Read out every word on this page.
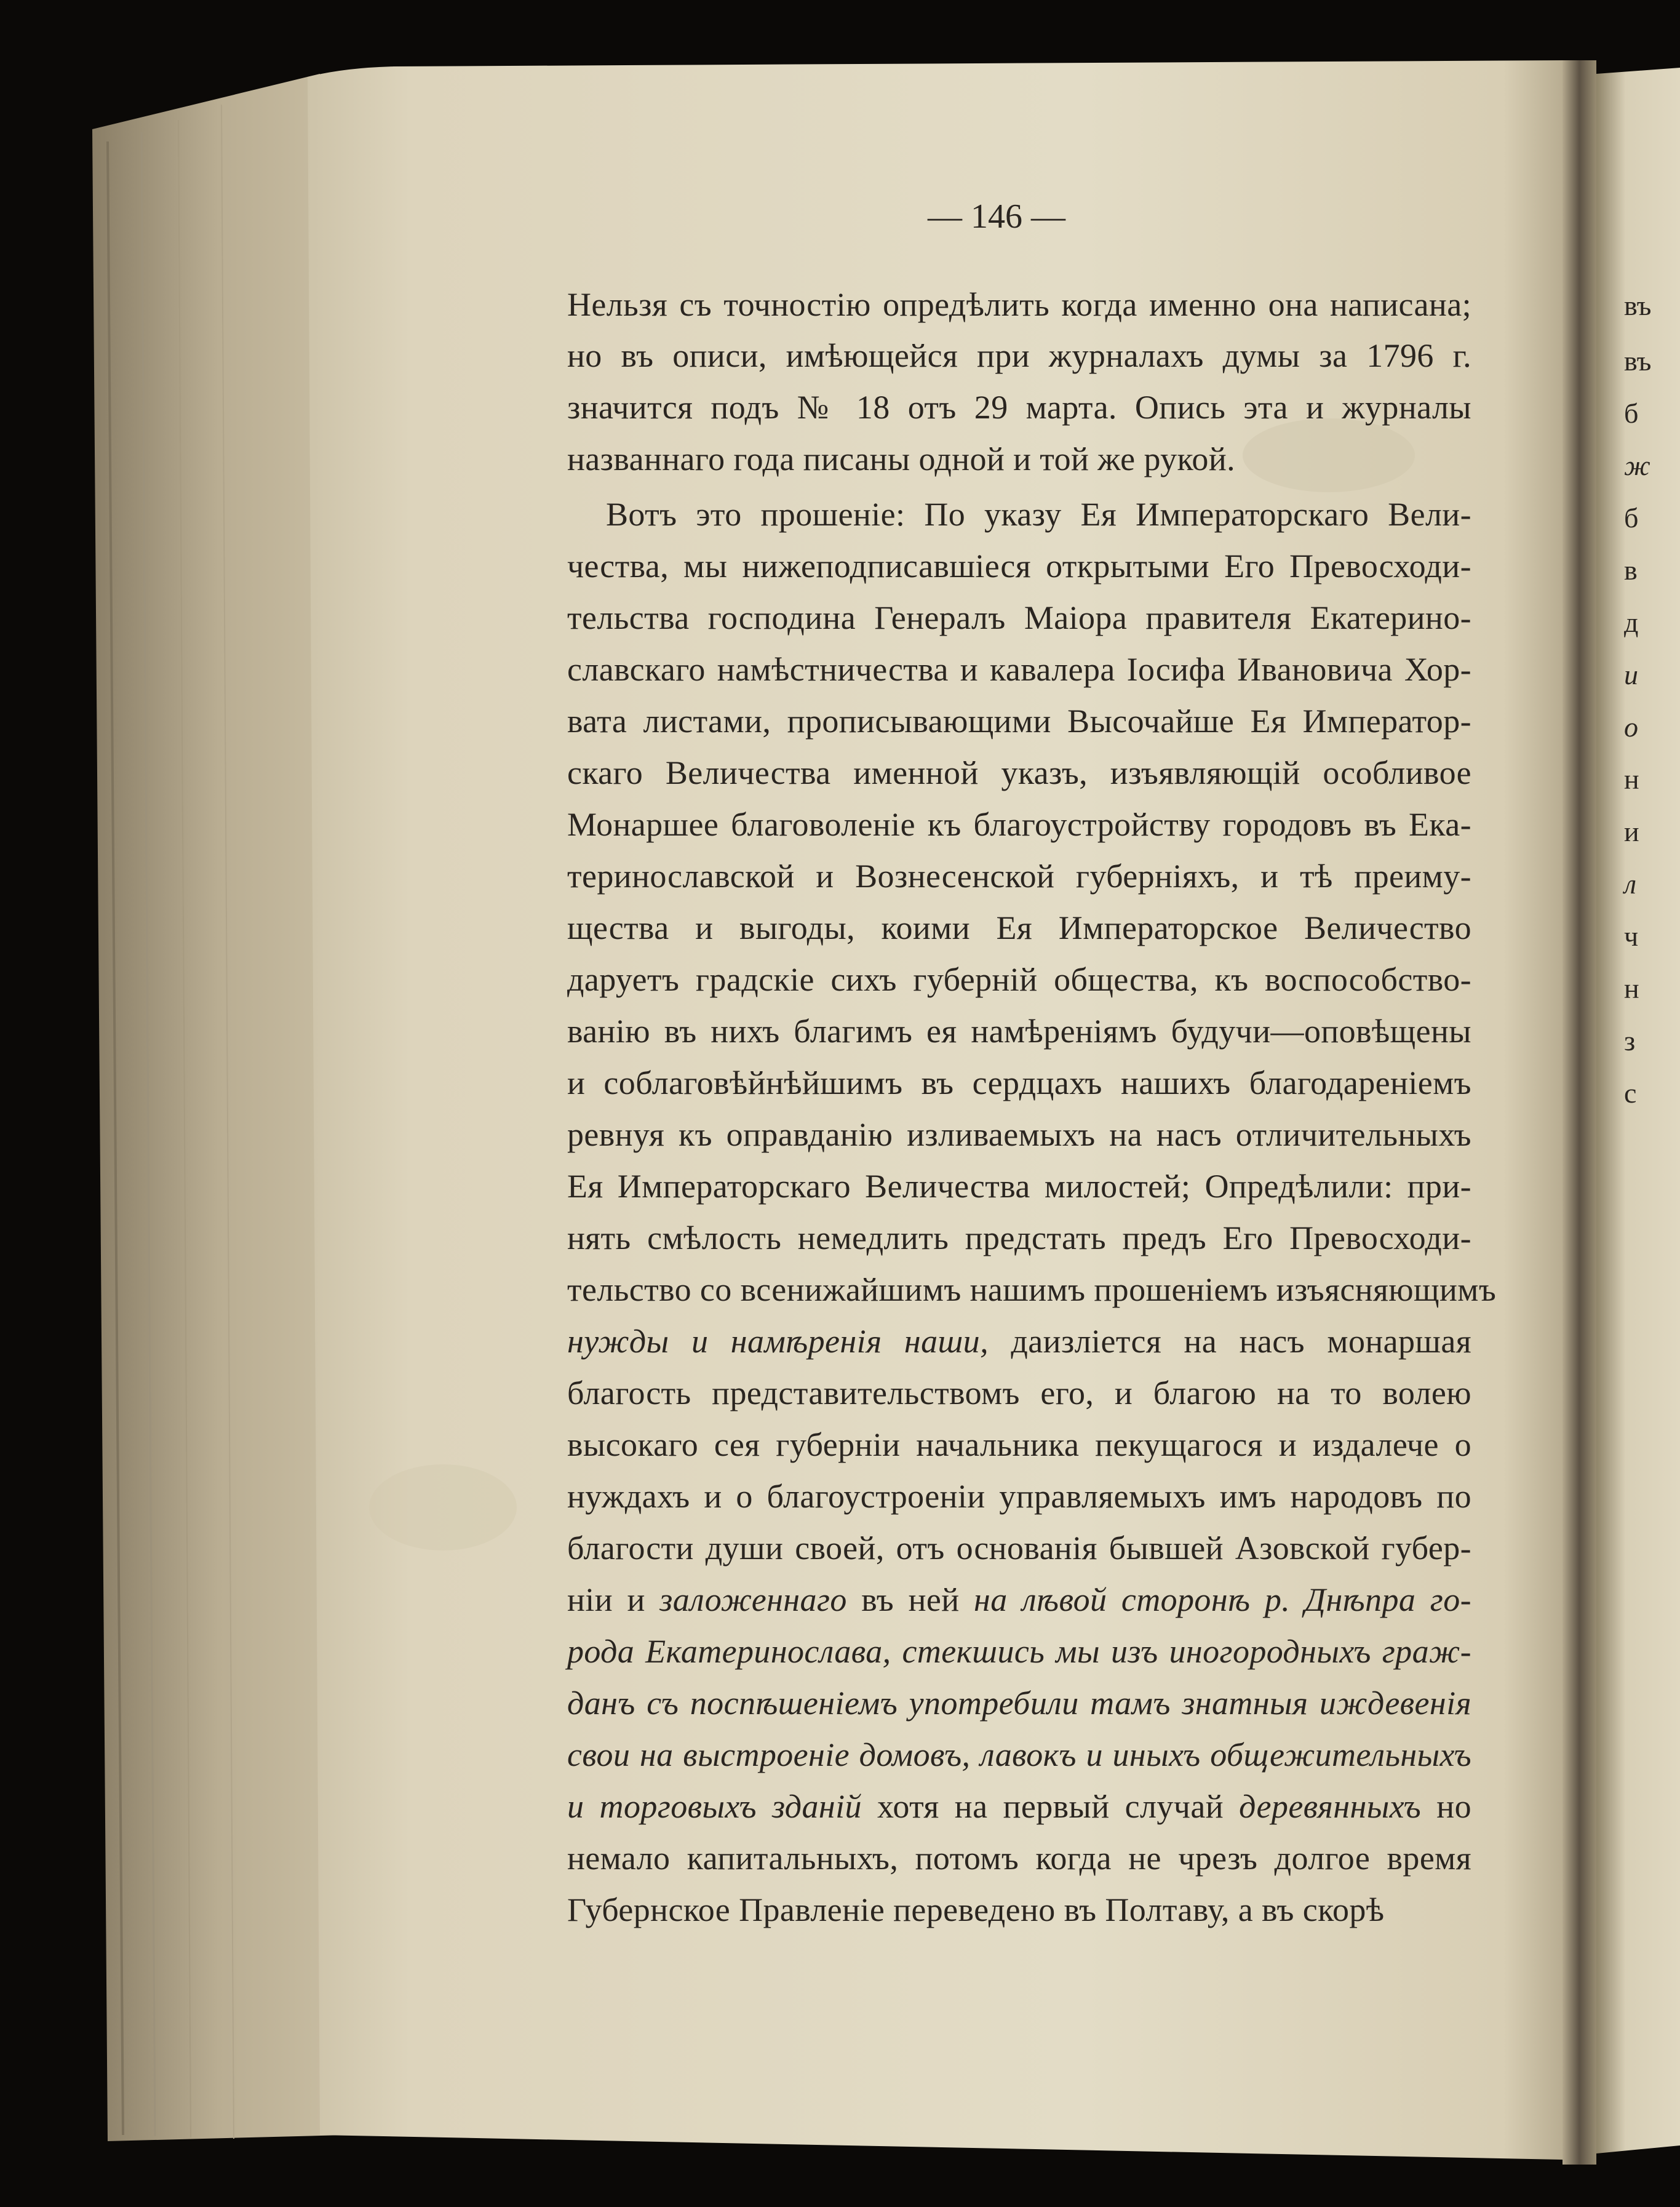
— 146 —
Нельзя съ точностію опредѣлить когда именно она написана;
но въ описи, имѣющейся при журналахъ думы за 1796 г.
значится подъ № 18 отъ 29 марта. Опись эта и журналы
названнаго года писаны одной и той же рукой.
Вотъ это прошеніе: По указу Ея Императорскаго Вели-
чества, мы нижеподписавшіеся открытыми Его Превосходи-
тельства господина Генералъ Маіора правителя Екатерино-
славскаго намѣстничества и кавалера Іосифа Ивановича Хор-
вата листами, прописывающими Высочайше Ея Император-
скаго Величества именной указъ, изъявляющій особливое
Монаршее благоволеніе къ благоустройству городовъ въ Ека-
теринославской и Вознесенской губерніяхъ, и тѣ преиму-
щества и выгоды, коими Ея Императорское Величество
даруетъ градскіе сихъ губерній общества, къ воспособство-
ванію въ нихъ благимъ ея намѣреніямъ будучи—оповѣщены
и соблаговѣйнѣйшимъ въ сердцахъ нашихъ благодареніемъ
ревнуя къ оправданію изливаемыхъ на насъ отличительныхъ
Ея Императорскаго Величества милостей; Опредѣлили: при-
нять смѣлость немедлить предстать предъ Его Превосходи-
тельство со всенижайшимъ нашимъ прошеніемъ изъясняющимъ
нужды и намѣренія наши, даизліется на насъ монаршая
благость представительствомъ его, и благою на то волею
высокаго сея губерніи начальника пекущагося и издалече о
нуждахъ и о благоустроеніи управляемыхъ имъ народовъ по
благости души своей, отъ основанія бывшей Азовской губер-
ніи и заложеннаго въ ней на лѣвой сторонѣ р. Днѣпра го-
рода Екатеринослава, стекшись мы изъ иногородныхъ граж-
данъ съ поспѣшеніемъ употребили тамъ знатныя иждевенія
свои на выстроеніе домовъ, лавокъ и иныхъ общежительныхъ
и торговыхъ зданій хотя на первый случай деревянныхъ но
немало капитальныхъ, потомъ когда не чрезъ долгое время
Губернское Правленіе переведено въ Полтаву, а въ скорѣ
въ
въ
б
ж
б
в
д
и
о
н
и
л
ч
н
з
с
